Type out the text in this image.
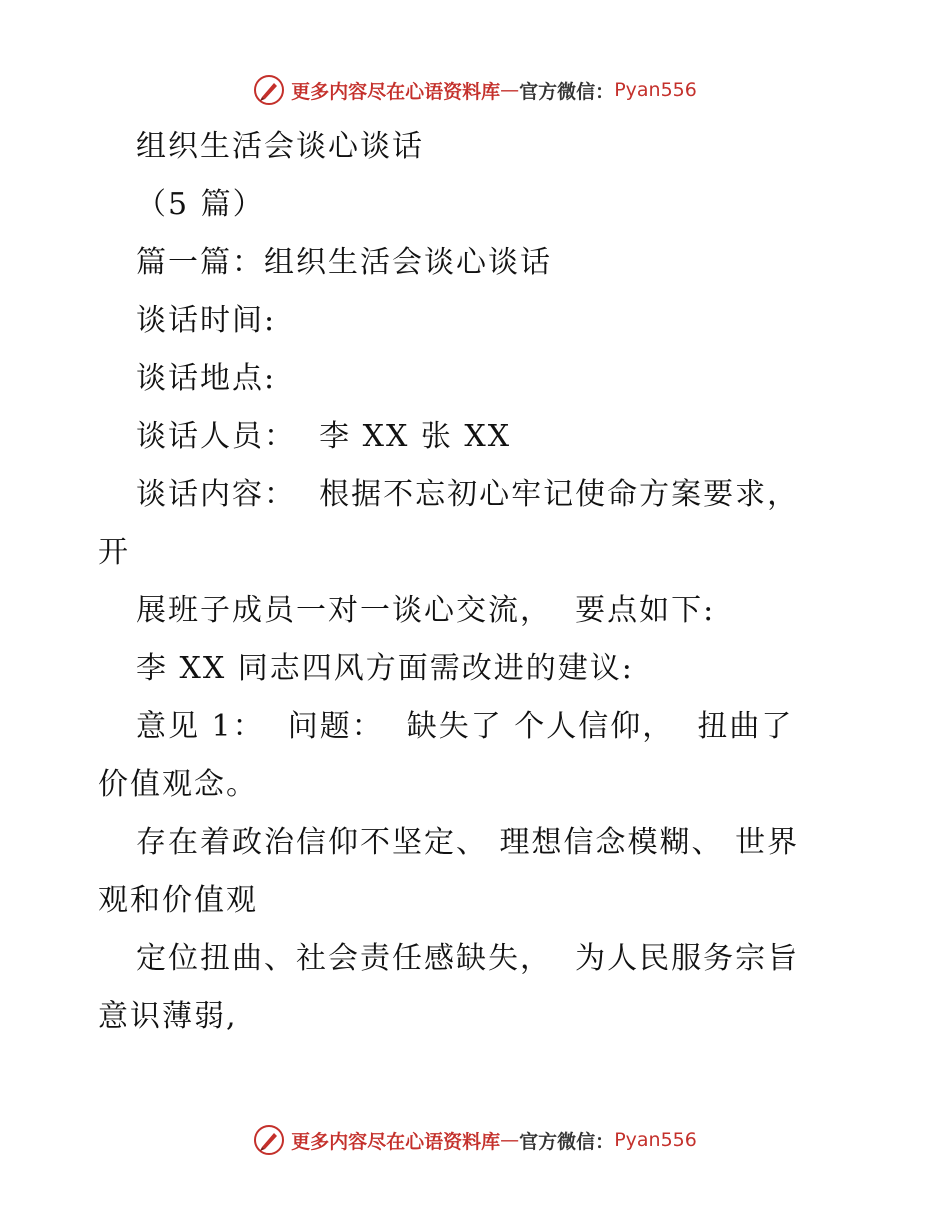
更多内容尽在心语资料库 — 官方微信： Pyan556
组织生活会谈心谈话
（5 篇）
篇一篇：组织生活会谈心谈话
谈话时间:
谈话地点:
谈话人员：  李 XX 张 XX
谈话内容：  根据不忘初心牢记使命方案要求，
开
展班子成员一对一谈心交流，  要点如下:
李 XX 同志四风方面需改进的建议:
意见 1：  问题：  缺失了 个人信仰，  扭曲了
价值观念。
存在着政治信仰不坚定、 理想信念模糊、 世界
观和价值观
定位扭曲、社会责任感缺失，  为人民服务宗旨
意识薄弱,
更多内容尽在心语资料库 — 官方微信： Pyan556
